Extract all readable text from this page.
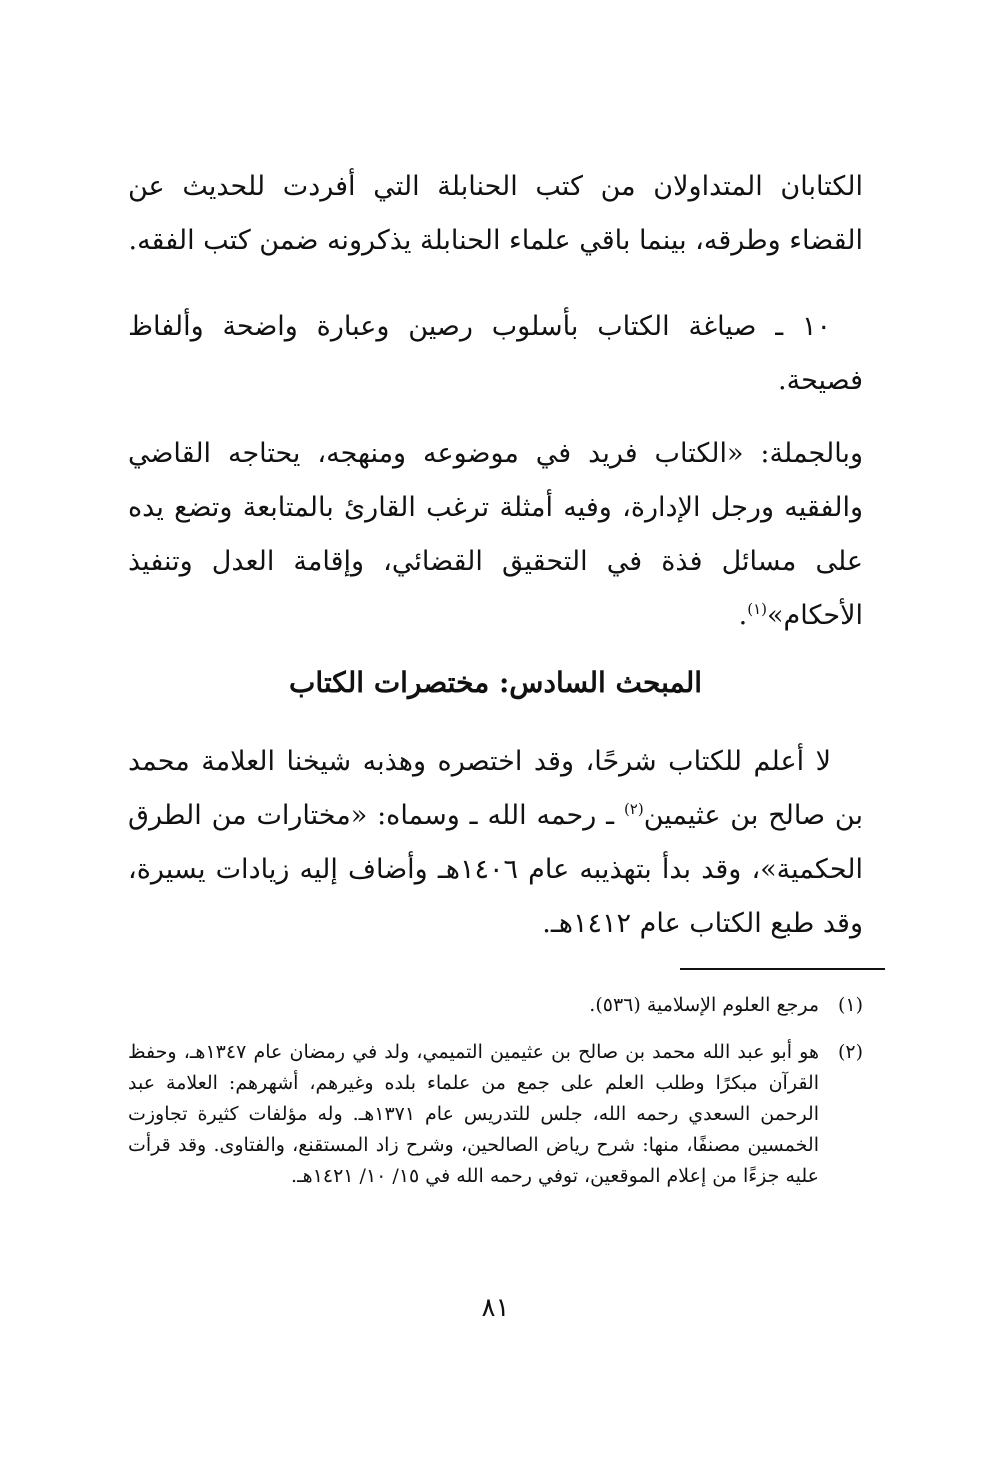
الكتابان المتداولان من كتب الحنابلة التي أفردت للحديث عن القضاء وطرقه، بينما باقي علماء الحنابلة يذكرونه ضمن كتب الفقه.

١٠ ـ صياغة الكتاب بأسلوب رصين وعبارة واضحة وألفاظ فصيحة.

وبالجملة: «الكتاب فريد في موضوعه ومنهجه، يحتاجه القاضي والفقيه ورجل الإدارة، وفيه أمثلة ترغب القارئ بالمتابعة وتضع يده على مسائل فذة في التحقيق القضائي، وإقامة العدل وتنفيذ الأحكام»$^{(١)}$.

المبحث السادس: مختصرات الكتاب

لا أعلم للكتاب شرحًا، وقد اختصره وهذبه شيخنا العلامة محمد بن صالح بن عثيمين$^{(٢)}$ ـ رحمه الله ـ وسماه: «مختارات من الطرق الحكمية»، وقد بدأ بتهذيبه عام ١٤٠٦هـ وأضاف إليه زيادات يسيرة، وقد طبع الكتاب عام ١٤١٢هـ.

(١)
مرجع العلوم الإسلامية (٥٣٦).
(٢)
هو أبو عبد الله محمد بن صالح بن عثيمين التميمي، ولد في رمضان عام ١٣٤٧هـ، وحفظ القرآن مبكرًا وطلب العلم على جمع من علماء بلده وغيرهم، أشهرهم: العلامة عبد الرحمن السعدي رحمه الله، جلس للتدريس عام ١٣٧١هـ. وله مؤلفات كثيرة تجاوزت الخمسين مصنفًا، منها: شرح رياض الصالحين، وشرح زاد المستقنع، والفتاوى. وقد قرأت عليه جزءًا من إعلام الموقعين، توفي رحمه الله في ١٥/ ١٠/ ١٤٢١هـ.
٨١
